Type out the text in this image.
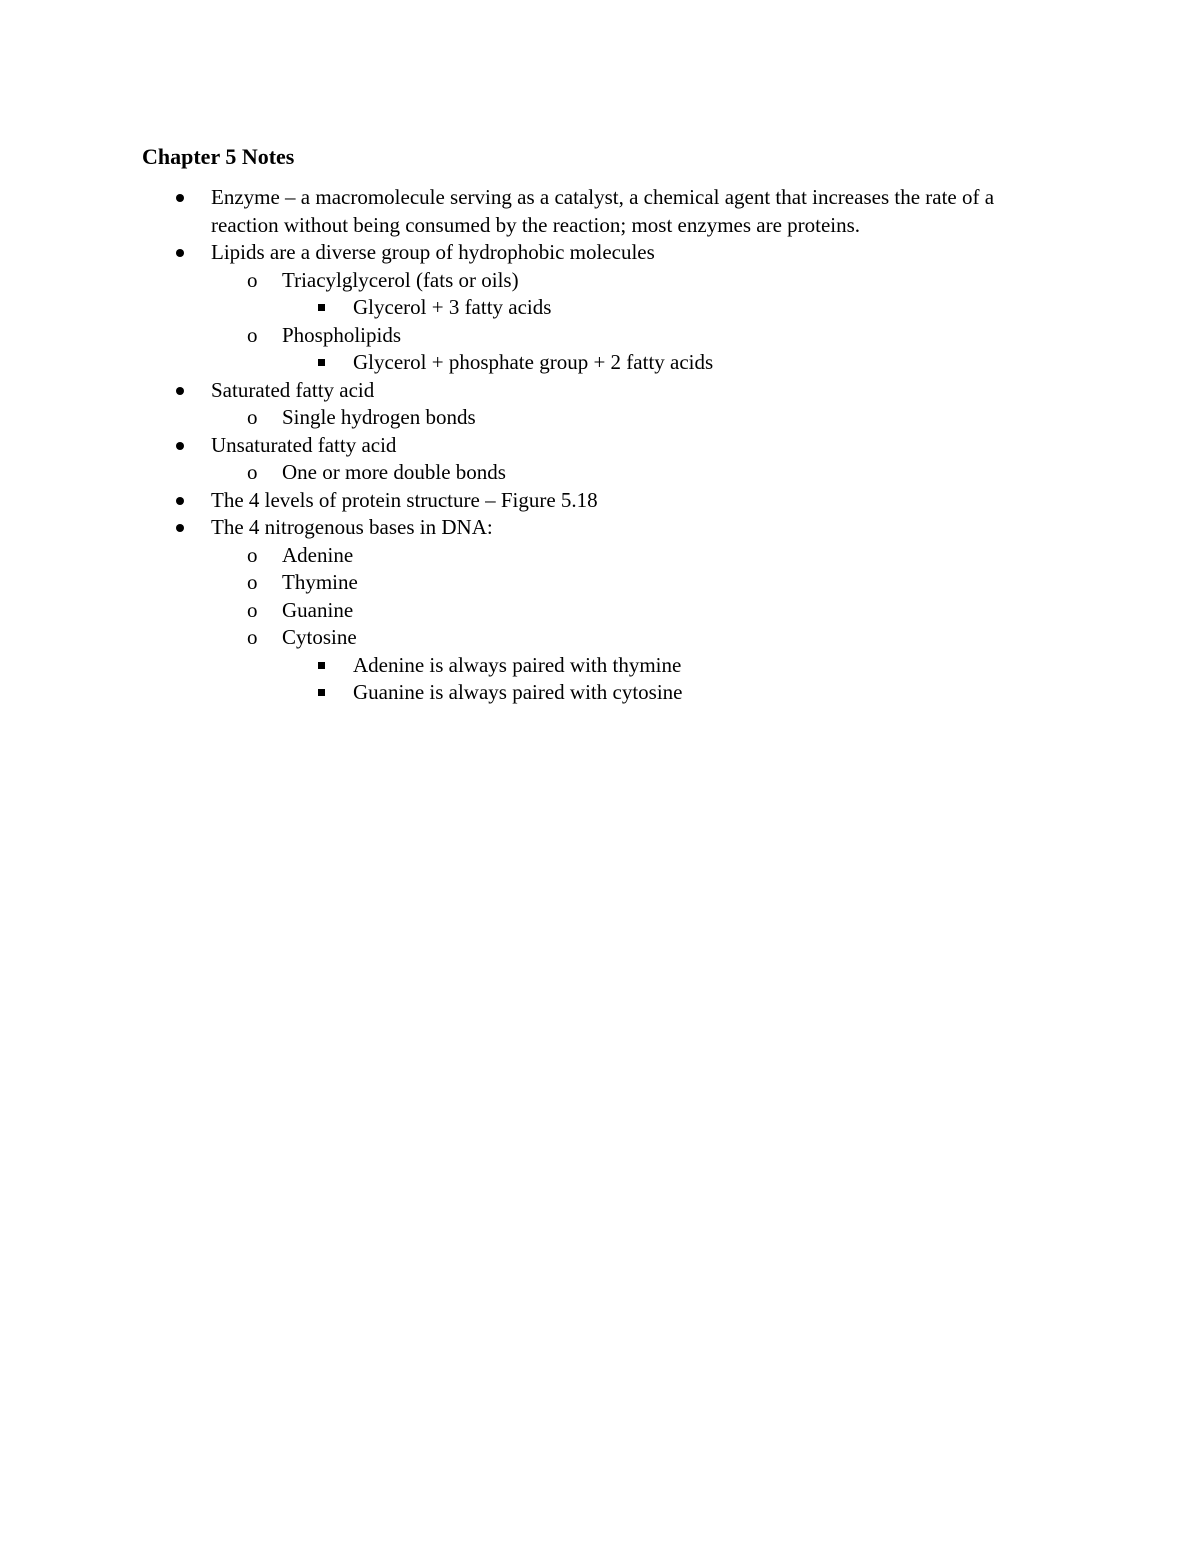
Chapter 5 Notes
Enzyme – a macromolecule serving as a catalyst, a chemical agent that increases the rate of a reaction without being consumed by the reaction; most enzymes are proteins.
Lipids are a diverse group of hydrophobic molecules
o Triacylglycerol (fats or oils)
Glycerol + 3 fatty acids
o Phospholipids
Glycerol + phosphate group + 2 fatty acids
Saturated fatty acid
o Single hydrogen bonds
Unsaturated fatty acid
o One or more double bonds
The 4 levels of protein structure – Figure 5.18
The 4 nitrogenous bases in DNA:
o Adenine
o Thymine
o Guanine
o Cytosine
Adenine is always paired with thymine
Guanine is always paired with cytosine
